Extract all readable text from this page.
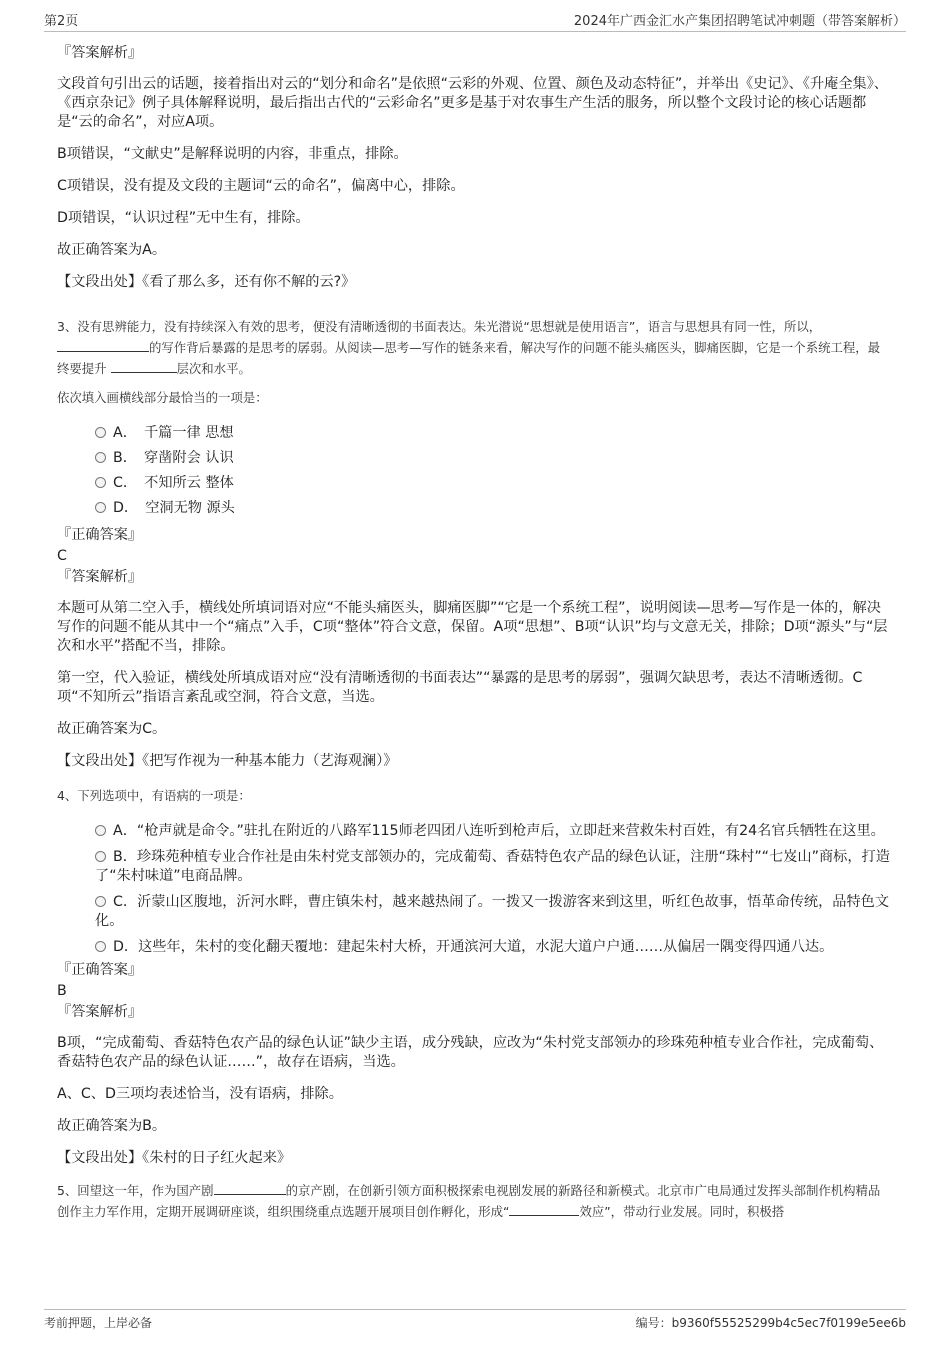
第2页	2024年广西金汇水产集团招聘笔试冲刺题（带答案解析）

『答案解析』

文段首句引出云的话题，接着指出对云的“划分和命名”是依照“云彩的外观、位置、颜色及动态特征”，并举出《史记》、《升庵全集》、《西京杂记》例子具体解释说明，最后指出古代的“云彩命名”更多是基于对农事生产生活的服务，所以整个文段讨论的核心话题都是“云的命名”，对应A项。

B项错误，“文献史”是解释说明的内容，非重点，排除。

C项错误，没有提及文段的主题词“云的命名”，偏离中心，排除。

D项错误，“认识过程”无中生有，排除。

故正确答案为A。

【文段出处】《看了那么多，还有你不解的云?》

3、没有思辨能力，没有持续深入有效的思考，便没有清晰透彻的书面表达。朱光潜说“思想就是使用语言”，语言与思想具有同一性，所以，的写作背后暴露的是思考的孱弱。从阅读—思考—写作的链条来看，解决写作的问题不能头痛医头，脚痛医脚，它是一个系统工程，最终要提升	层次和水平。

依次填入画横线部分最恰当的一项是：

A．　千篇一律 思想
B．　穿凿附会 认识
C．　不知所云 整体
D．　空洞无物 源头

『正确答案』

C

『答案解析』

本题可从第二空入手，横线处所填词语对应“不能头痛医头，脚痛医脚”“它是一个系统工程”，说明阅读—思考—写作是一体的，解决写作的问题不能从其中一个“痛点”入手，C项“整体”符合文意，保留。A项“思想”、B项“认识”均与文意无关，排除；D项“源头”与“层次和水平”搭配不当，排除。

第一空，代入验证，横线处所填成语对应“没有清晰透彻的书面表达”“暴露的是思考的孱弱”，强调欠缺思考，表达不清晰透彻。C项“不知所云”指语言紊乱或空洞，符合文意，当选。

故正确答案为C。

【文段出处】《把写作视为一种基本能力（艺海观澜）》

4、下列选项中，有语病的一项是：

A．“枪声就是命令。”驻扎在附近的八路军115师老四团八连听到枪声后，立即赶来营救朱村百姓，有24名官兵牺牲在这里。
B．珍珠苑种植专业合作社是由朱村党支部领办的，完成葡萄、香菇特色农产品的绿色认证，注册“珠村”“七岌山”商标，打造了“朱村味道”电商品牌。
C．沂蒙山区腹地，沂河水畔，曹庄镇朱村，越来越热闹了。一拨又一拨游客来到这里，听红色故事，悟革命传统，品特色文化。
D．这些年，朱村的变化翻天覆地：建起朱村大桥，开通滨河大道，水泥大道户户通……从偏居一隅变得四通八达。

『正确答案』

B

『答案解析』

B项，“完成葡萄、香菇特色农产品的绿色认证”缺少主语，成分残缺，应改为“朱村党支部领办的珍珠苑种植专业合作社，完成葡萄、香菇特色农产品的绿色认证……”，故存在语病，当选。

A、C、D三项均表述恰当，没有语病，排除。

故正确答案为B。

【文段出处】《朱村的日子红火起来》

5、回望这一年，作为国产剧	的京产剧，在创新引领方面积极探索电视剧发展的新路径和新模式。北京市广电局通过发挥头部制作机构精品创作主力军作用，定期开展调研座谈，组织围绕重点选题开展项目创作孵化，形成“	效应”，带动行业发展。同时，积极搭

考前押题，上岸必备	编号：b9360f55525299b4c5ec7f0199e5ee6b
